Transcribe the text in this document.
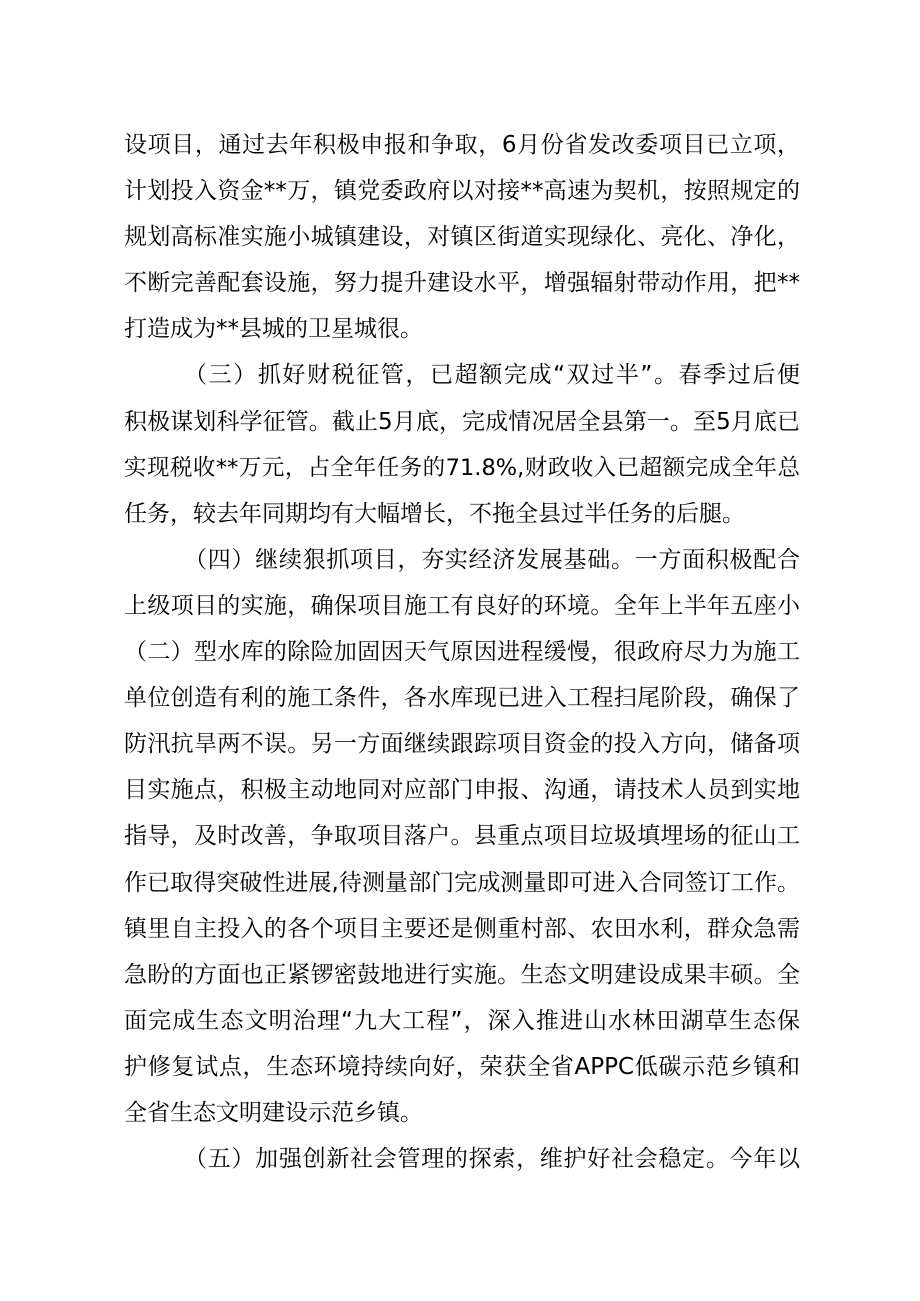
设项目，通过去年积极申报和争取，6月份省发改委项目已立项，
计划投入资金**万，镇党委政府以对接**高速为契机，按照规定的
规划高标准实施小城镇建设，对镇区街道实现绿化、亮化、净化，
不断完善配套设施，努力提升建设水平，增强辐射带动作用，把**
打造成为**县城的卫星城很。
（三）抓好财税征管，已超额完成“双过半”。春季过后便
积极谋划科学征管。截止5月底，完成情况居全县第一。至5月底已
实现税收**万元，占全年任务的71.8%,财政收入已超额完成全年总
任务，较去年同期均有大幅增长，不拖全县过半任务的后腿。
（四）继续狠抓项目，夯实经济发展基础。一方面积极配合
上级项目的实施，确保项目施工有良好的环境。全年上半年五座小
（二）型水库的除险加固因天气原因进程缓慢，很政府尽力为施工
单位创造有利的施工条件，各水库现已进入工程扫尾阶段，确保了
防汛抗旱两不误。另一方面继续跟踪项目资金的投入方向，储备项
目实施点，积极主动地同对应部门申报、沟通，请技术人员到实地
指导，及时改善，争取项目落户。县重点项目垃圾填埋场的征山工
作已取得突破性进展,待测量部门完成测量即可进入合同签订工作。
镇里自主投入的各个项目主要还是侧重村部、农田水利，群众急需
急盼的方面也正紧锣密鼓地进行实施。生态文明建设成果丰硕。全
面完成生态文明治理“九大工程”，深入推进山水林田湖草生态保
护修复试点，生态环境持续向好，荣获全省APPC低碳示范乡镇和
全省生态文明建设示范乡镇。
（五）加强创新社会管理的探索，维护好社会稳定。今年以
